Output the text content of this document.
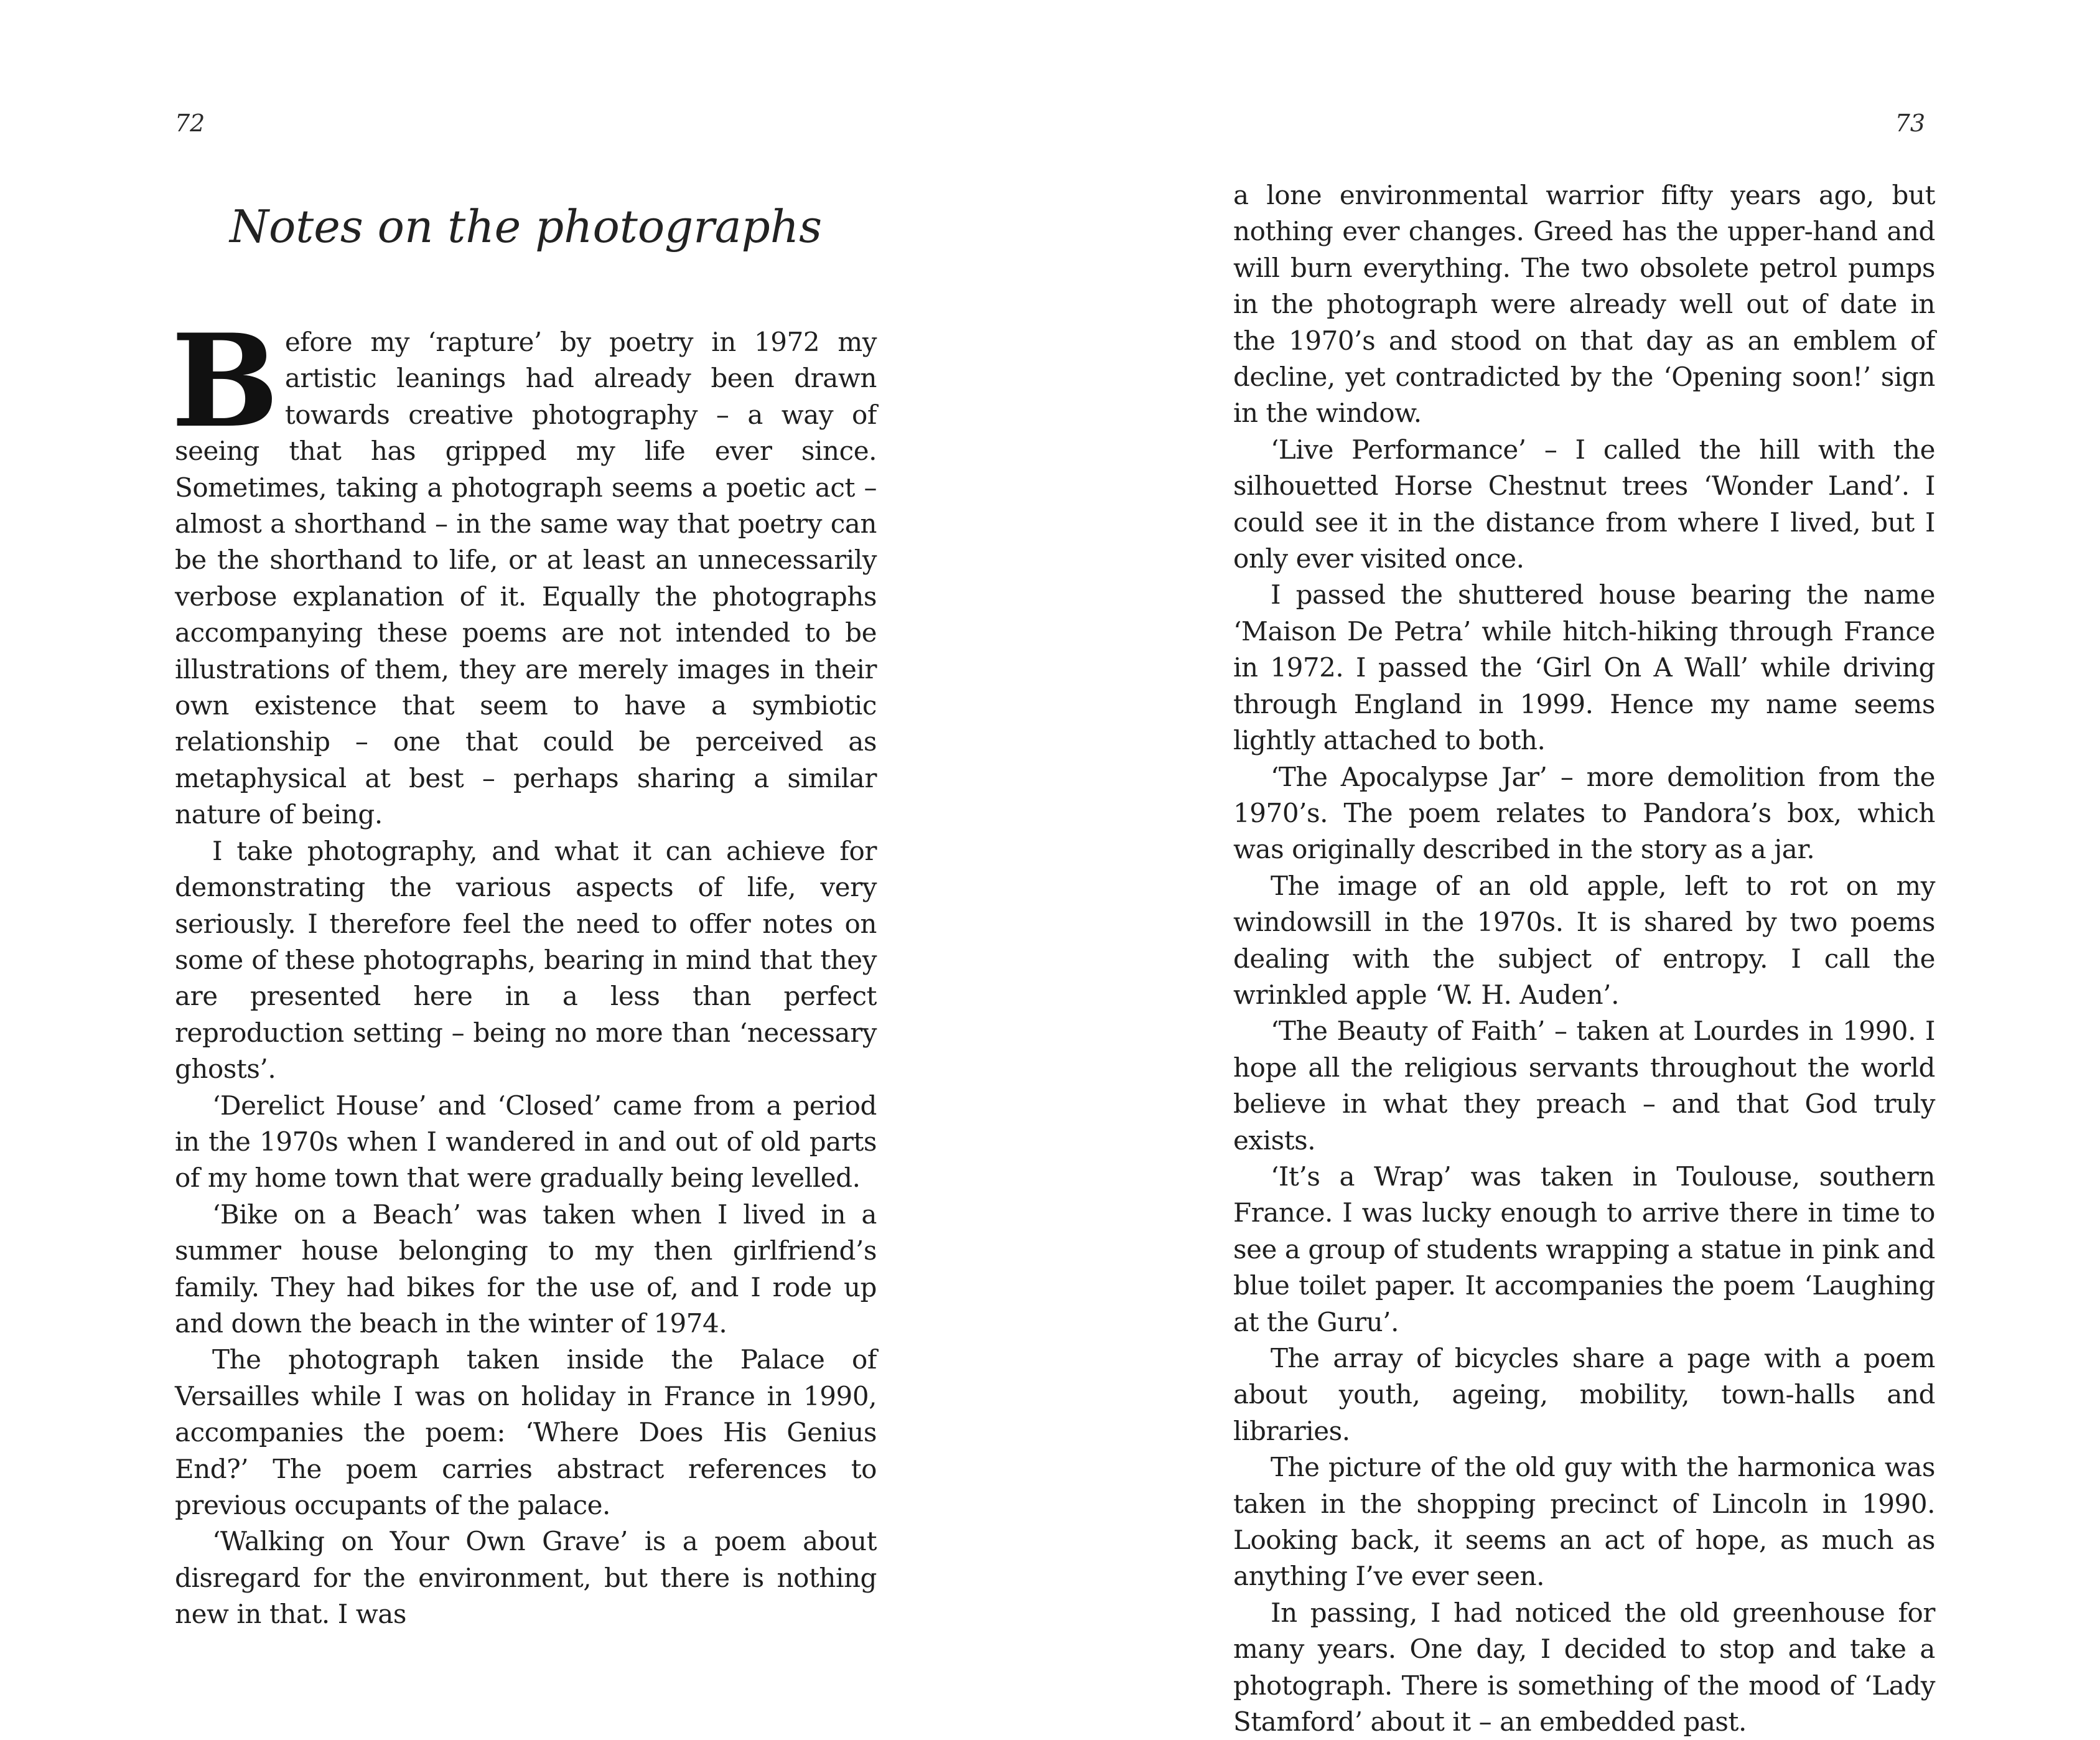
72
Notes on the photographs

Before my ‘rapture’ by poetry in 1972 my artistic leanings had already been drawn towards creative photography – a way of seeing that has gripped my life ever since. Sometimes, taking a photograph seems a poetic act – almost a shorthand – in the same way that poetry can be the shorthand to life, or at least an unnecessarily verbose explanation of it. Equally the photographs accompanying these poems are not intended to be illustrations of them, they are merely images in their own existence that seem to have a symbiotic relationship – one that could be perceived as metaphysical at best – perhaps sharing a similar nature of being.

I take photography, and what it can achieve for demonstrating the various aspects of life, very seriously. I therefore feel the need to offer notes on some of these photographs, bearing in mind that they are presented here in a less than perfect reproduction setting – being no more than ‘necessary ghosts’.

‘Derelict House’ and ‘Closed’ came from a period in the 1970s when I wandered in and out of old parts of my home town that were gradually being levelled.

‘Bike on a Beach’ was taken when I lived in a summer house belonging to my then girlfriend’s family. They had bikes for the use of, and I rode up and down the beach in the winter of 1974.

The photograph taken inside the Palace of Versailles while I was on holiday in France in 1990, accompanies the poem: ‘Where Does His Genius End?’ The poem carries abstract references to previous occupants of the palace.

‘Walking on Your Own Grave’ is a poem about disregard for the environment, but there is nothing new in that. I was

73

a lone environmental warrior fifty years ago, but nothing ever changes. Greed has the upper-hand and will burn everything. The two obsolete petrol pumps in the photograph were already well out of date in the 1970’s and stood on that day as an emblem of decline, yet contradicted by the ‘Opening soon!’ sign in the window.

‘Live Performance’ – I called the hill with the silhouetted Horse Chestnut trees ‘Wonder Land’. I could see it in the distance from where I lived, but I only ever visited once.

I passed the shuttered house bearing the name ‘Maison De Petra’ while hitch-hiking through France in 1972. I passed the ‘Girl On A Wall’ while driving through England in 1999. Hence my name seems lightly attached to both.

‘The Apocalypse Jar’ – more demolition from the 1970’s. The poem relates to Pandora’s box, which was originally described in the story as a jar.

The image of an old apple, left to rot on my windowsill in the 1970s. It is shared by two poems dealing with the subject of entropy. I call the wrinkled apple ‘W. H. Auden’.

‘The Beauty of Faith’ – taken at Lourdes in 1990. I hope all the religious servants throughout the world believe in what they preach – and that God truly exists.

‘It’s a Wrap’ was taken in Toulouse, southern France. I was lucky enough to arrive there in time to see a group of students wrapping a statue in pink and blue toilet paper. It accompanies the poem ‘Laughing at the Guru’.

The array of bicycles share a page with a poem about youth, ageing, mobility, town-halls and libraries.

The picture of the old guy with the harmonica was taken in the shopping precinct of Lincoln in 1990. Looking back, it seems an act of hope, as much as anything I’ve ever seen.

In passing, I had noticed the old greenhouse for many years. One day, I decided to stop and take a photograph. There is something of the mood of ‘Lady Stamford’ about it – an embedded past.
